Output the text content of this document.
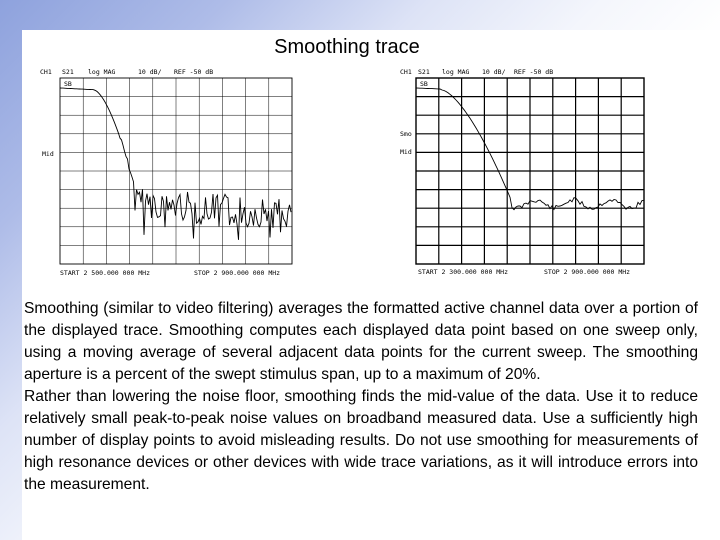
Smoothing trace
CH1 S21 log MAG	10 dB/ REF -50 dB
SB
Mid
START 2 500.000 000 MHz	STOP 2 900.000 000 MHz
CH1 S21 log MAG 10 dB/ REF -50 dB
SB
Smo
Mid
START 2 300.000 000 MHz	STOP 2 900.000 000 MHz

Smoothing (similar to video filtering) averages the formatted active channel data over a portion of the displayed trace. Smoothing computes each displayed data point based on one sweep only, using a moving average of several adjacent data points for the current sweep. The smoothing aperture is a percent of the swept stimulus span, up to a maximum of 20%.

Rather than lowering the noise floor, smoothing finds the mid-value of the data. Use it to reduce relatively small peak-to-peak noise values on broadband measured data. Use a sufficiently high number of display points to avoid misleading results. Do not use smoothing for measurements of high resonance devices or other devices with wide trace variations, as it will introduce errors into the measurement.
